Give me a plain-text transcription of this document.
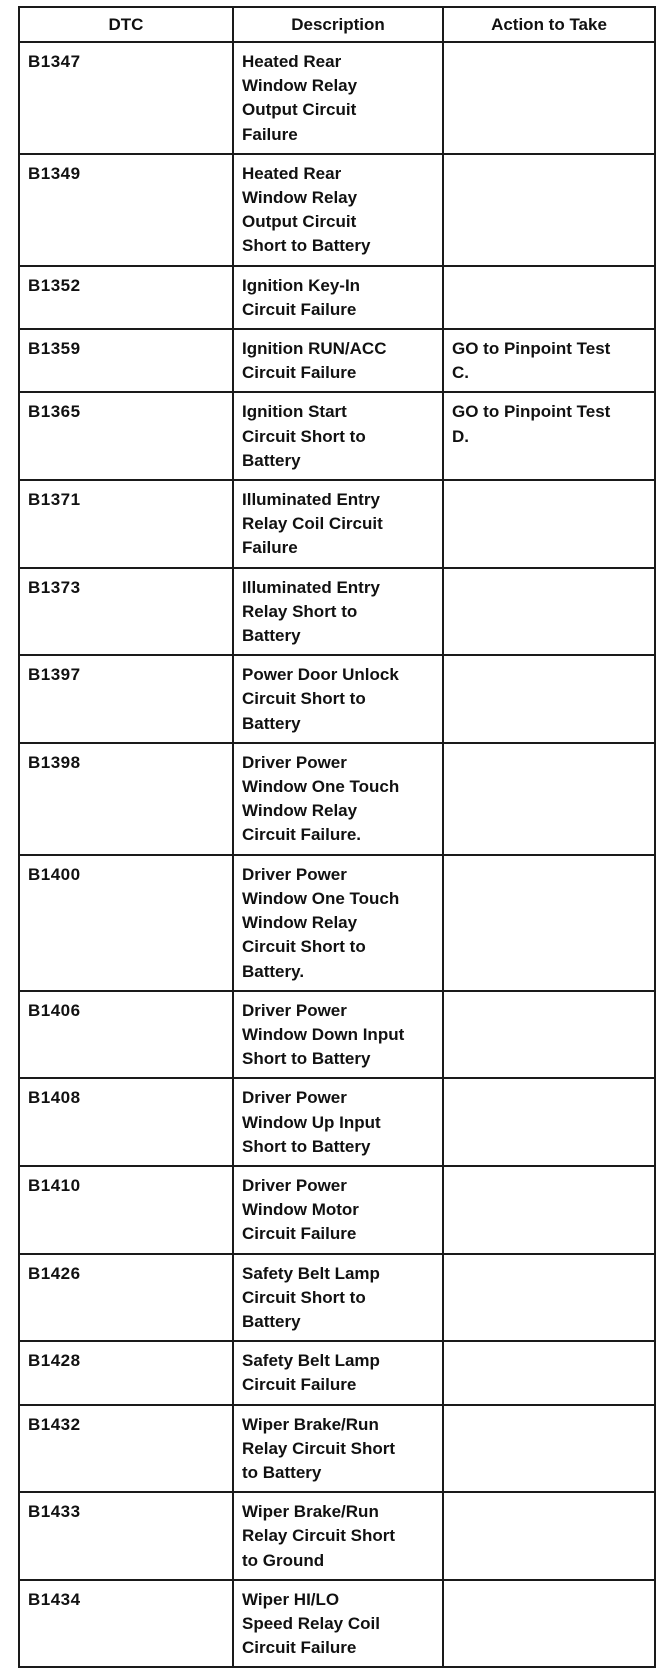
DTC	Description	Action to Take
B1347	Heated Rear
Window Relay
Output Circuit
Failure	

B1349	Heated Rear
Window Relay
Output Circuit
Short to Battery	

B1352	Ignition Key-In
Circuit Failure	

B1359	Ignition RUN/ACC
Circuit Failure	GO to Pinpoint Test
C.

B1365	Ignition Start
Circuit Short to
Battery	GO to Pinpoint Test
D.

B1371	Illuminated Entry
Relay Coil Circuit
Failure	

B1373	Illuminated Entry
Relay Short to
Battery	

B1397	Power Door Unlock
Circuit Short to
Battery	

B1398	Driver Power
Window One Touch
Window Relay
Circuit Failure.	

B1400	Driver Power
Window One Touch
Window Relay
Circuit Short to
Battery.	

B1406	Driver Power
Window Down Input
Short to Battery	

B1408	Driver Power
Window Up Input
Short to Battery	

B1410	Driver Power
Window Motor
Circuit Failure	

B1426	Safety Belt Lamp
Circuit Short to
Battery	

B1428	Safety Belt Lamp
Circuit Failure	

B1432	Wiper Brake/Run
Relay Circuit Short
to Battery	

B1433	Wiper Brake/Run
Relay Circuit Short
to Ground	

B1434	Wiper HI/LO
Speed Relay Coil
Circuit Failure	
